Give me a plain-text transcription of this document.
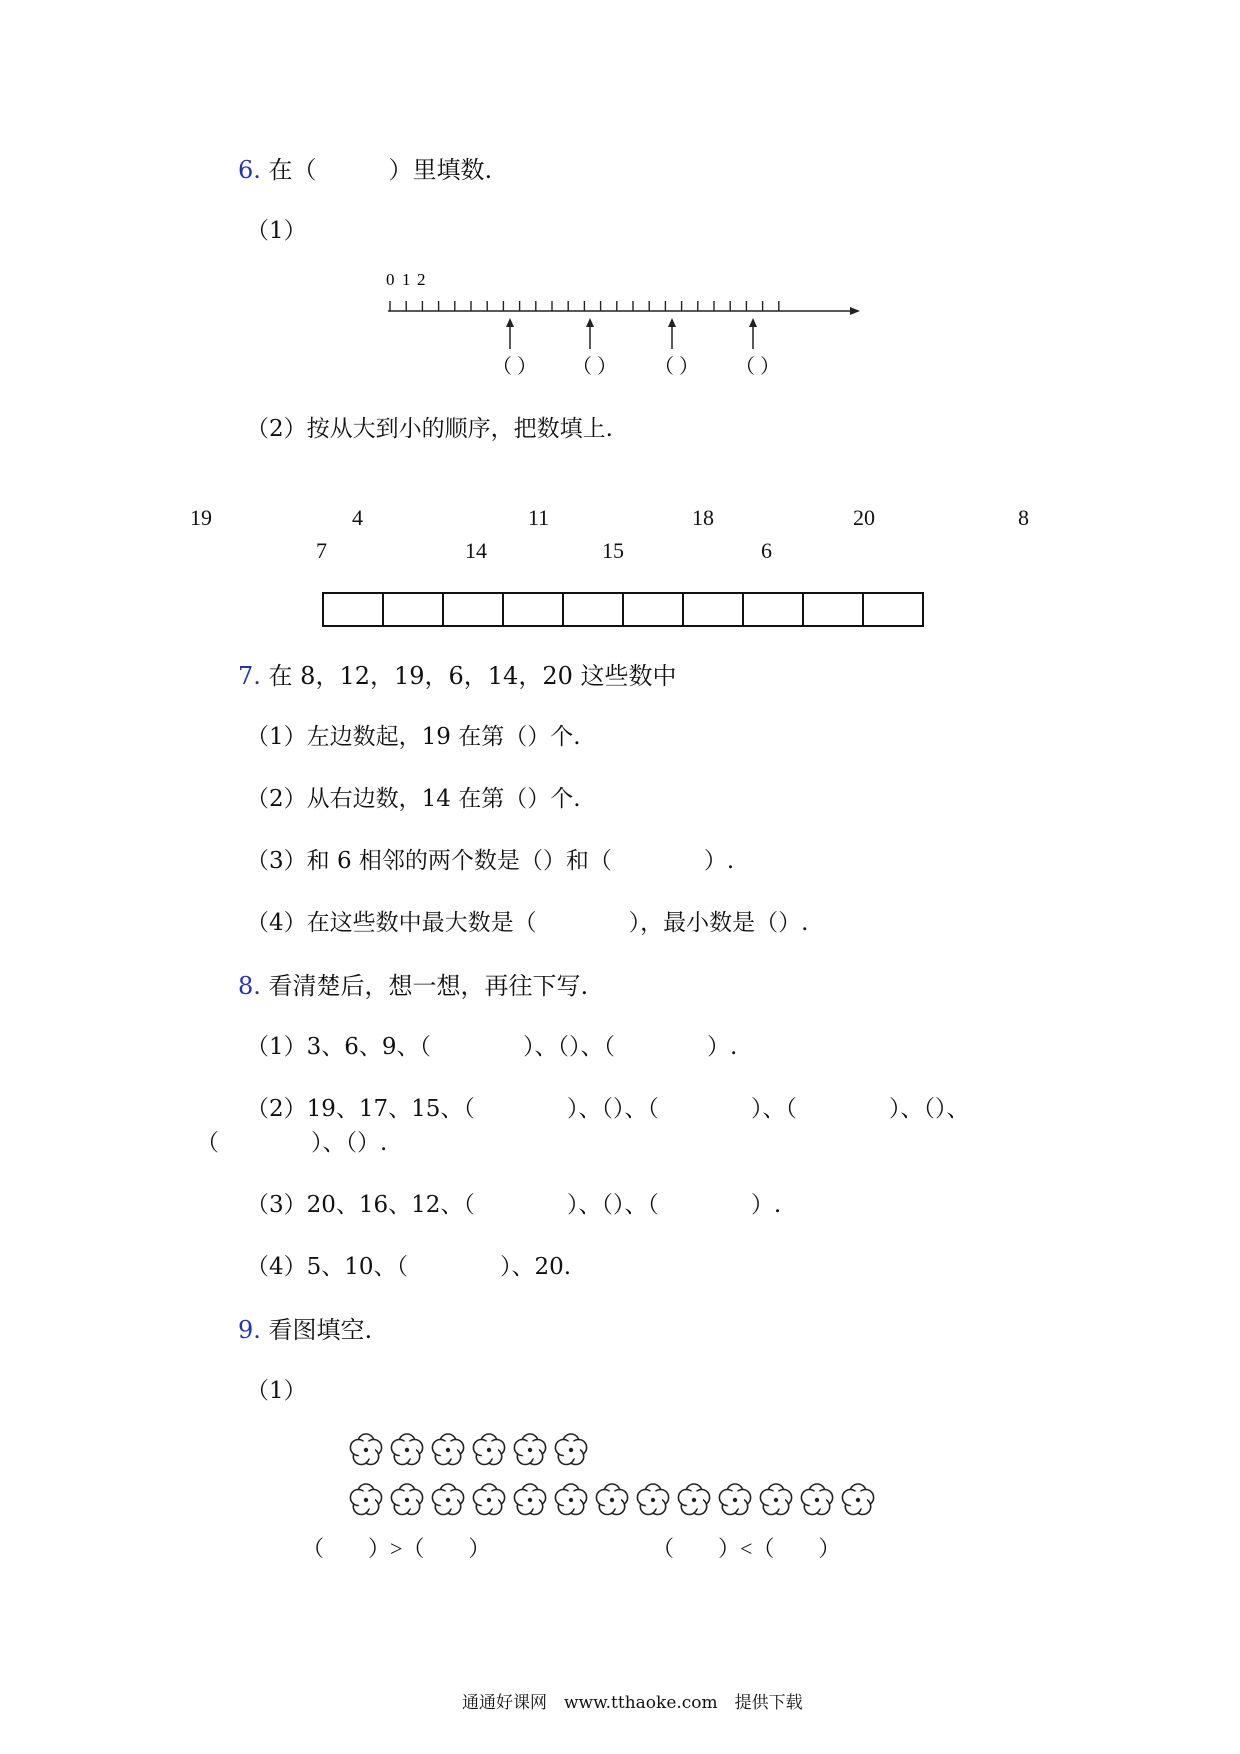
6. 在（　　　）里填数.
（1）
0 1 2
（ ） （ ） （ ） （ ）
（2）按从大到小的顺序，把数填上.
19	4	11	18	20	8
7	14	15	6
7. 在 8，12，19，6，14，20 这些数中
（1）左边数起，19 在第（）个.
（2）从右边数，14 在第（）个.
（3）和 6 相邻的两个数是（）和（　　　　）.
（4）在这些数中最大数是（　　　　），最小数是（）.
8. 看清楚后，想一想，再往下写.
（1）3、6、9、（　　　　）、（）、（　　　　）.
（2）19、17、15、（　　　　）、（）、（　　　　）、（　　　　）、（）、
（　　　　）、（）.
（3）20、16、12、（　　　　）、（）、（　　　　）.
（4）5、10、（　　　　）、20.
9. 看图填空.
（1）
（　　）>（　　）	（　　）<（　　）
通通好课网　www.tthaoke.com　提供下载
